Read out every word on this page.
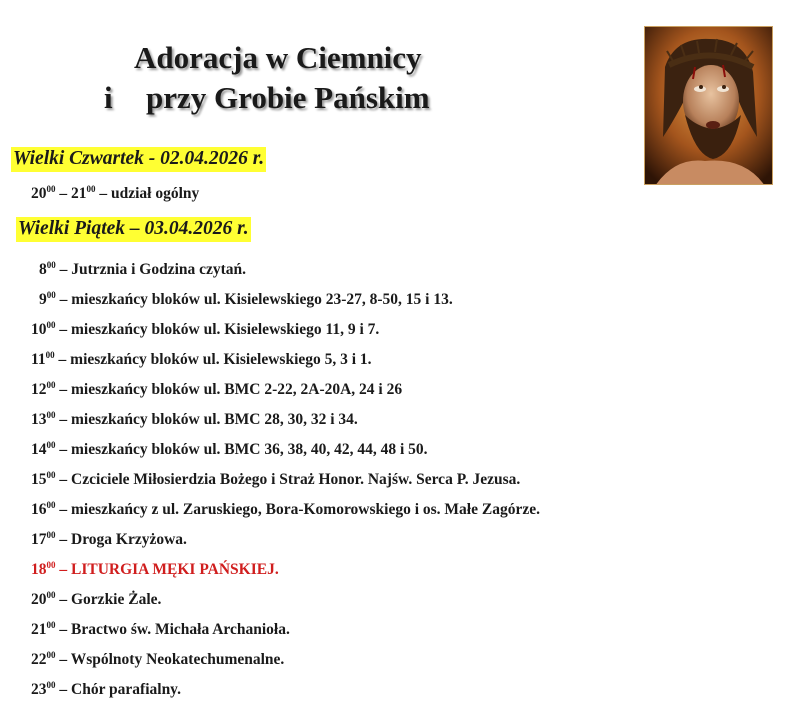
Adoracja w Ciemnicy
i przy Grobie Pańskim
Wielki Czwartek - 02.04.2026 r.
$20^{00} - 21^{00}$ – udział ogólny
Wielki Piątek – 03.04.2026 r.
$8^{00}$ – Jutrznia i Godzina czytań.
$9^{00}$ – mieszkańcy bloków ul. Kisielewskiego 23-27, 8-50, 15 i 13.
$10^{00}$ – mieszkańcy bloków ul. Kisielewskiego 11, 9 i 7.
$11^{00}$ – mieszkańcy bloków ul. Kisielewskiego 5, 3 i 1.
$12^{00}$ – mieszkańcy bloków ul. BMC 2-22, 2A-20A, 24 i 26
$13^{00}$ – mieszkańcy bloków ul. BMC 28, 30, 32 i 34.
$14^{00}$ – mieszkańcy bloków ul. BMC 36, 38, 40, 42, 44, 48 i 50.
$15^{00}$ – Czciciele Miłosierdzia Bożego i Straż Honor. Najśw. Serca P. Jezusa.
$16^{00}$ – mieszkańcy z ul. Zaruskiego, Bora-Komorowskiego i os. Małe Zagórze.
$17^{00}$ – Droga Krzyżowa.
$18^{00}$ – LITURGIA MĘKI PAŃSKIEJ.
$20^{00}$ – Gorzkie Żale.
$21^{00}$ – Bractwo św. Michała Archanioła.
$22^{00}$ – Wspólnoty Neokatechumenalne.
$23^{00}$ – Chór parafialny.
